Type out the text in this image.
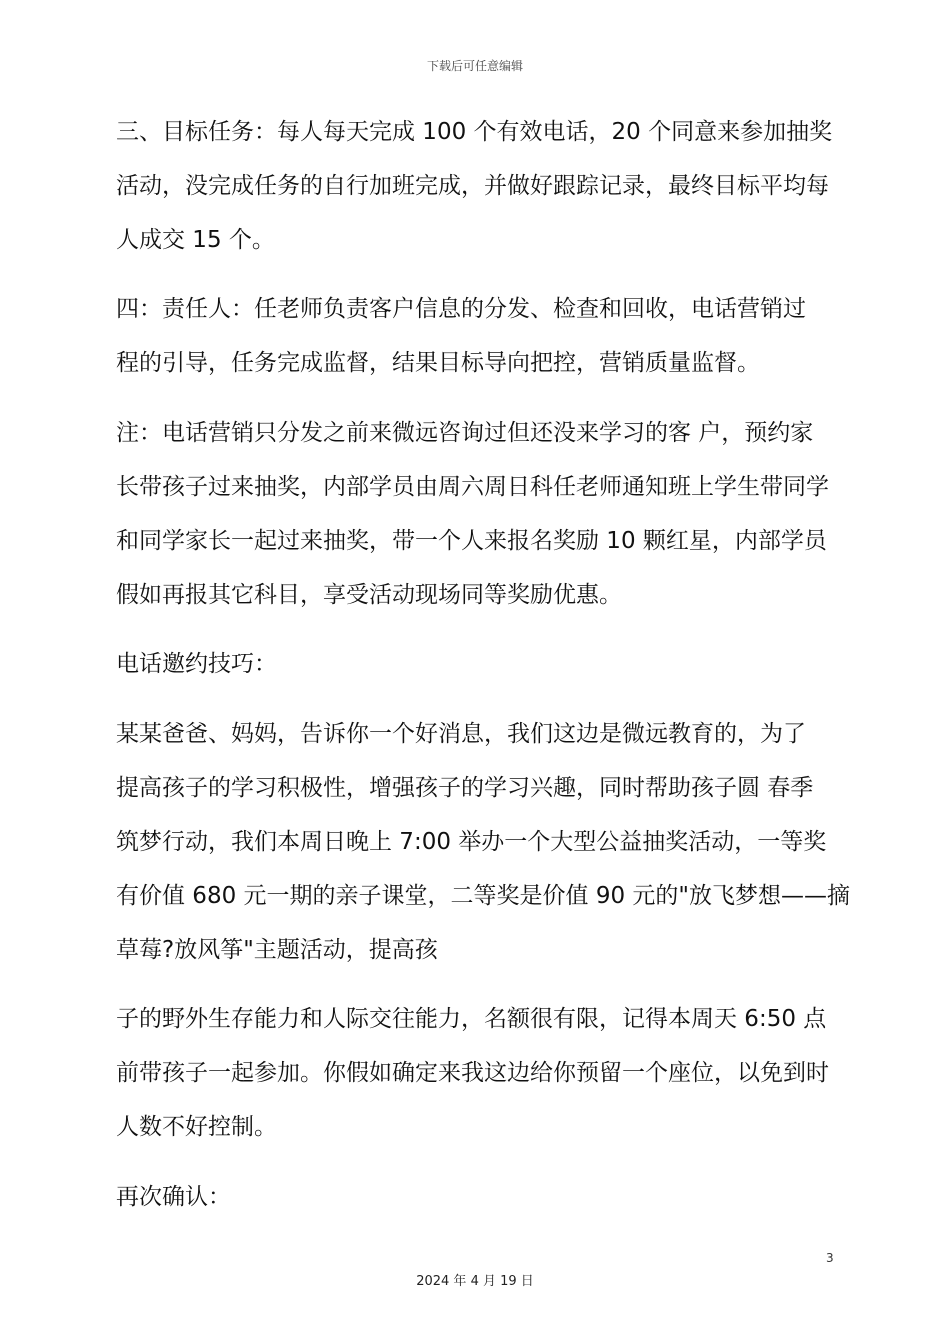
下载后可任意编辑
三、目标任务：每人每天完成 100 个有效电话，20 个同意来参加抽奖
活动，没完成任务的自行加班完成，并做好跟踪记录，最终目标平均每
人成交 15 个。
四：责任人：任老师负责客户信息的分发、检查和回收，电话营销过
程的引导，任务完成监督，结果目标导向把控，营销质量监督。
注：电话营销只分发之前来微远咨询过但还没来学习的客 户，预约家
长带孩子过来抽奖，内部学员由周六周日科任老师通知班上学生带同学
和同学家长一起过来抽奖，带一个人来报名奖励 10 颗红星，内部学员
假如再报其它科目，享受活动现场同等奖励优惠。
电话邀约技巧：
某某爸爸、妈妈，告诉你一个好消息，我们这边是微远教育的，为了
提高孩子的学习积极性，增强孩子的学习兴趣，同时帮助孩子圆 春季
筑梦行动，我们本周日晚上 7:00 举办一个大型公益抽奖活动，一等奖
有价值 680 元一期的亲子课堂，二等奖是价值 90 元的"放飞梦想——摘
草莓?放风筝"主题活动，提高孩
子的野外生存能力和人际交往能力，名额很有限，记得本周天 6:50 点
前带孩子一起参加。你假如确定来我这边给你预留一个座位，以免到时
人数不好控制。
再次确认：
3
2024 年 4 月 19 日
